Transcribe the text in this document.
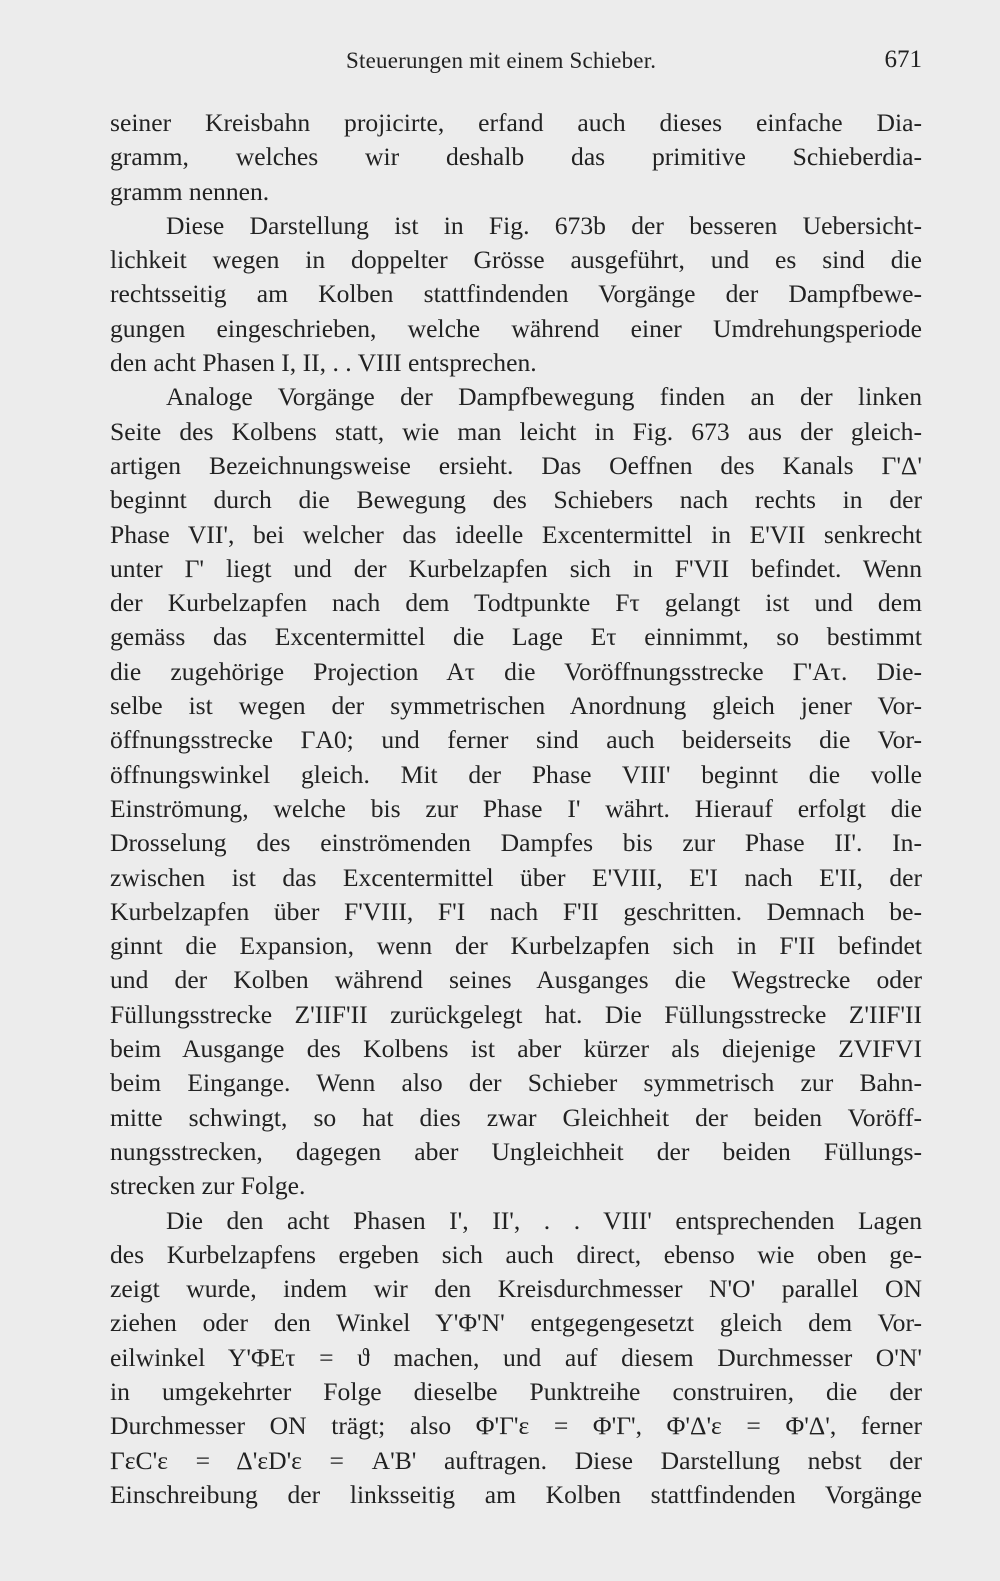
Steuerungen mit einem Schieber.	671
seiner Kreisbahn projicirte, erfand auch dieses einfache Dia-
gramm, welches wir deshalb das primitive Schieberdia-
gramm nennen.
Diese Darstellung ist in Fig. 673b der besseren Uebersicht-
lichkeit wegen in doppelter Grösse ausgeführt, und es sind die
rechtsseitig am Kolben stattfindenden Vorgänge der Dampfbewe-
gungen eingeschrieben, welche während einer Umdrehungsperiode
den acht Phasen I, II, . . VIII entsprechen.
Analoge Vorgänge der Dampfbewegung finden an der linken
Seite des Kolbens statt, wie man leicht in Fig. 673 aus der gleich-
artigen Bezeichnungsweise ersieht. Das Oeffnen des Kanals Γ'Δ'
beginnt durch die Bewegung des Schiebers nach rechts in der
Phase VII', bei welcher das ideelle Excentermittel in E'VII senkrecht
unter Γ' liegt und der Kurbelzapfen sich in F'VII befindet. Wenn
der Kurbelzapfen nach dem Todtpunkte Fτ gelangt ist und dem
gemäss das Excentermittel die Lage Eτ einnimmt, so bestimmt
die zugehörige Projection Aτ die Voröffnungsstrecke Γ'Aτ. Die-
selbe ist wegen der symmetrischen Anordnung gleich jener Vor-
öffnungsstrecke ΓA0; und ferner sind auch beiderseits die Vor-
öffnungswinkel gleich. Mit der Phase VIII' beginnt die volle
Einströmung, welche bis zur Phase I' währt. Hierauf erfolgt die
Drosselung des einströmenden Dampfes bis zur Phase II'. In-
zwischen ist das Excentermittel über E'VIII, E'I nach E'II, der
Kurbelzapfen über F'VIII, F'I nach F'II geschritten. Demnach be-
ginnt die Expansion, wenn der Kurbelzapfen sich in F'II befindet
und der Kolben während seines Ausganges die Wegstrecke oder
Füllungsstrecke Z'IIF'II zurückgelegt hat. Die Füllungsstrecke Z'IIF'II
beim Ausgange des Kolbens ist aber kürzer als diejenige ZVIFVI
beim Eingange. Wenn also der Schieber symmetrisch zur Bahn-
mitte schwingt, so hat dies zwar Gleichheit der beiden Voröff-
nungsstrecken, dagegen aber Ungleichheit der beiden Füllungs-
strecken zur Folge.
Die den acht Phasen I', II', . . VIII' entsprechenden Lagen
des Kurbelzapfens ergeben sich auch direct, ebenso wie oben ge-
zeigt wurde, indem wir den Kreisdurchmesser N'O' parallel ON
ziehen oder den Winkel Y'Φ'N' entgegengesetzt gleich dem Vor-
eilwinkel Y'ΦEτ = ϑ machen, und auf diesem Durchmesser O'N'
in umgekehrter Folge dieselbe Punktreihe construiren, die der
Durchmesser ON trägt; also Φ'Γ'ε = Φ'Γ', Φ'Δ'ε = Φ'Δ', ferner
ΓεC'ε = Δ'εD'ε = A'B' auftragen. Diese Darstellung nebst der
Einschreibung der linksseitig am Kolben stattfindenden Vorgänge
